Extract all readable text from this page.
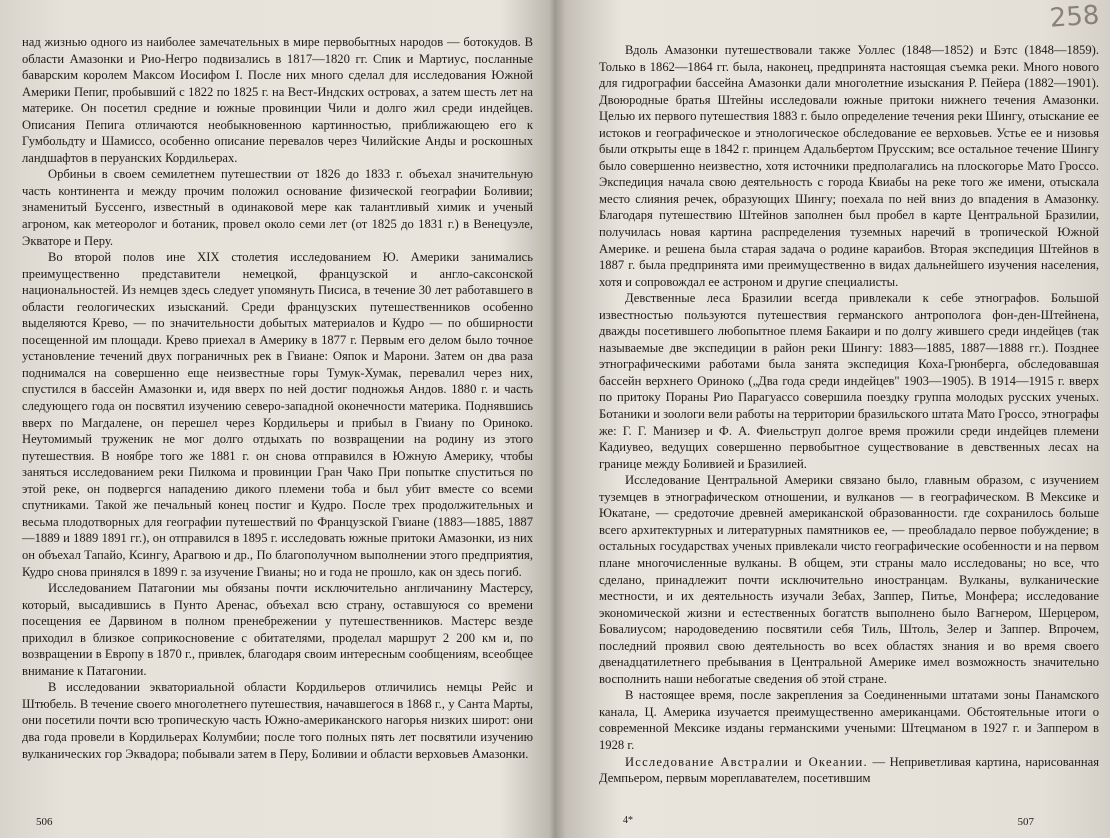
над жизнью одного из наиболее замечательных в мире первобытных народов — ботокудов. В области Амазонки и Рио-Негро подвизались в 1817—1820 гг. Спик и Мартиус, посланные баварским королем Максом Иосифом I. После них много сделал для исследования Южной Америки Пепиг, пробывший с 1822 по 1825 г. на Вест-Индских островах, а затем шесть лет на материке. Он посетил средние и южные провинции Чили и долго жил среди индейцев. Описания Пепига отличаются необыкновенною картинностью, приближающею его к Гумбольдту и Шамиссо, особенно описание перевалов через Чилийские Анды и роскошных ландшафтов в перуанских Кордильерах.

Орбиньи в своем семилетнем путешествии от 1826 до 1833 г. объехал значительную часть континента и между прочим положил основание физической географии Боливии; знаменитый Буссенго, известный в одинаковой мере как талантливый химик и ученый агроном, как метеоролог и ботаник, провел около семи лет (от 1825 до 1831 г.) в Венецуэле, Экваторе и Перу.

Во второй полов ине XIX столетия исследованием Ю. Америки занимались преимущественно представители немецкой, французской и англо-саксонской национальностей. Из немцев здесь следует упомянуть Пиcиса, в течение 30 лет работавшего в области геологических изысканий. Среди французских путешественников особенно выделяются Крево, — по значительности добытых материалов и Кудро — по обширности посещенной им площади. Крево приехал в Америку в 1877 г. Первым его делом было точное установление течений двух пограничных рек в Гвиане: Ояпок и Марони. Затем он два раза поднимался на совершенно еще неизвестные горы Тумук-Хумак, перевалил через них, спустился в бассейн Амазонки и, идя вверх по ней достиг подножья Андов. 1880 г. и часть следующего года он посвятил изучению северо-западной оконечности материка. Поднявшись вверх по Магдалене, он перешел через Кордильеры и прибыл в Гвиану по Ориноко. Неутомимый труженик не мог долго отдыхать по возвращении на родину из этого путешествия. В ноябре того же 1881 г. он снова отправился в Южную Америку, чтобы заняться исследованием реки Пилкома и провинции Гран Чако При попытке спуститься по этой реке, он подвергся нападению дикого племени тоба и был убит вместе со всеми спутниками. Такой же печальный конец постиг и Кудро. После трех продолжительных и весьма плодотворных для географии путешествий по Французской Гвиане (1883—1885, 1887—1889 и 1889 1891 гг.), он отправился в 1895 г. исследовать южные притоки Амазонки, из них он объехал Тапайо, Ксингу, Арагвою и др., По благополучном выполнении этого предприятия, Кудро снова принялся в 1899 г. за изучение Гвианы; но и года не прошло, как он здесь погиб.

Исследованием Патагонии мы обязаны почти исключительно англичанину Мастерсу, который, высадившись в Пунто Аренас, объехал всю страну, оставшуюся со времени посещения ее Дарвином в полном пренебрежении у путешественников. Мастерс везде приходил в близкое соприкосновение с обитателями, проделал маршрут 2 200 км и, по возвращении в Европу в 1870 г., привлек, благодаря своим интересным сообщениям, всеобщее внимание к Патагонии.

В исследовании экваториальной области Кордильеров отличились немцы Рейс и Штюбель. В течение своего многолетнего путешествия, начавшегося в 1868 г., у Санта Марты, они посетили почти всю тропическую часть Южно-американского нагорья низких широт: они два года провели в Кордильерах Колумбии; после того полных пять лет посвятили изучению вулканических гор Эквадора; побывали затем в Перу, Боливии и области верховьев Амазонки.

506
258

Вдоль Амазонки путешествовали также Уоллес (1848—1852) и Бэтс (1848—1859). Только в 1862—1864 гг. была, наконец, предпринята настоящая съемка реки. Много нового для гидрографии бассейна Амазонки дали многолетние изыскания Р. Пейера (1882—1901). Двоюродные братья Штейны исследовали южные притоки нижнего течения Амазонки. Целью их первого путешествия 1883 г. было определение течения реки Шингу, отыскание ее истоков и географическое и этнологическое обследование ее верховьев. Устье ее и низовья были открыты еще в 1842 г. принцем Адальбертом Прусским; все остальное течение Шингу было совершенно неизвестно, хотя источники предполагались на плоскогорье Мато Гроссо. Экспедиция начала свою деятельность с города Квиабы на реке того же имени, отыскала место слияния речек, образующих Шингу; поехала по ней вниз до впадения в Амазонку. Благодаря путешествию Штейнов заполнен был пробел в карте Центральной Бразилии, получилась новая картина распределения туземных наречий в тропической Южной Америке. и решена была старая задача о родине караибов. Вторая экспедиция Штейнов в 1887 г. была предпринята ими преимущественно в видах дальнейшего изучения населения, хотя и сопровождал ее астроном и другие специалисты.

Девственные леса Бразилии всегда привлекали к себе этнографов. Большой известностью пользуются путешествия германского антрополога фон-ден-Штейнена, дважды посетившего любопытное племя Бакаири и по долгу жившего среди индейцев (так называемые две экспедиции в район реки Шингу: 1883—1885, 1887—1888 гг.). Позднее этнографическими работами была занята экспедиция Коха-Грюнберга, обследовавшая бассейн верхнего Ориноко („Два года среди индейцев" 1903—1905). В 1914—1915 г. вверх по притоку Пораны Рио Парагуассо совершила поездку группа молодых русских ученых. Ботаники и зоологи вели работы на территории бразильского штата Мато Гроссо, этнографы же: Г. Г. Манизер и Ф. А. Фиельструп долгое время прожили среди индейцев племени Кадиувео, ведущих совершенно первобытное существование в девственных лесах на границе между Боливией и Бразилией.

Исследование Центральной Америки связано было, главным образом, с изучением туземцев в этнографическом отношении, и вулканов — в географическом. В Мексике и Юкатане, — средоточие древней американской образованности. где сохранилось больше всего архитектурных и литературных памятников ее, — преобладало первое побуждение; в остальных государствах ученых привлекали чисто географические особенности и на первом плане многочисленные вулканы. В общем, эти страны мало исследованы; но все, что сделано, принадлежит почти исключительно иностранцам. Вулканы, вулканические местности, и их деятельность изучали Зебах, Заппер, Питье, Монфера; исследование экономической жизни и естественных богатств выполнено было Вагнером, Шерцером, Бовалиусом; народоведению посвятили себя Тиль, Штоль, Зелер и Заппер. Впрочем, последний проявил свою деятельность во всех областях знания и во время своего двенадцатилетнего пребывания в Центральной Америке имел возможность значительно восполнить наши небогатые сведения об этой стране.

В настоящее время, после закрепления за Соединенными штатами зоны Панамского канала, Ц. Америка изучается преимущественно американцами. Обстоятельные итоги о современной Мексике изданы германскими учеными: Штецманом в 1927 г. и Заппером в 1928 г.

Исследование Австралии и Океании. — Неприветливая картина, нарисованная Демпьером, первым мореплавателем, посетившим

4*	507
